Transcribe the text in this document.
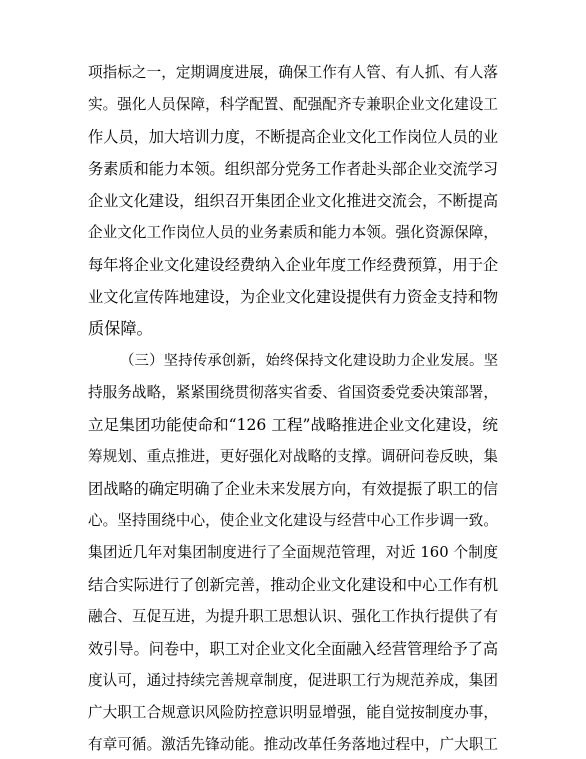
项指标之一，定期调度进展，确保工作有人管、有人抓、有人落
实。强化人员保障，科学配置、配强配齐专兼职企业文化建设工
作人员，加大培训力度，不断提高企业文化工作岗位人员的业
务素质和能力本领。组织部分党务工作者赴头部企业交流学习
企业文化建设，组织召开集团企业文化推进交流会，不断提高
企业文化工作岗位人员的业务素质和能力本领。强化资源保障，
每年将企业文化建设经费纳入企业年度工作经费预算，用于企
业文化宣传阵地建设，为企业文化建设提供有力资金支持和物
质保障。
（三）坚持传承创新，始终保持文化建设助力企业发展。坚
持服务战略，紧紧围绕贯彻落实省委、省国资委党委决策部署，
立足集团功能使命和“126 工程”战略推进企业文化建设，统
筹规划、重点推进，更好强化对战略的支撑。调研问卷反映，集
团战略的确定明确了企业未来发展方向，有效提振了职工的信
心。坚持围绕中心，使企业文化建设与经营中心工作步调一致。
集团近几年对集团制度进行了全面规范管理，对近 160 个制度
结合实际进行了创新完善，推动企业文化建设和中心工作有机
融合、互促互进，为提升职工思想认识、强化工作执行提供了有
效引导。问卷中，职工对企业文化全面融入经营管理给予了高
度认可，通过持续完善规章制度，促进职工行为规范养成，集团
广大职工合规意识风险防控意识明显增强，能自觉按制度办事，
有章可循。激活先锋动能。推动改革任务落地过程中，广大职工
